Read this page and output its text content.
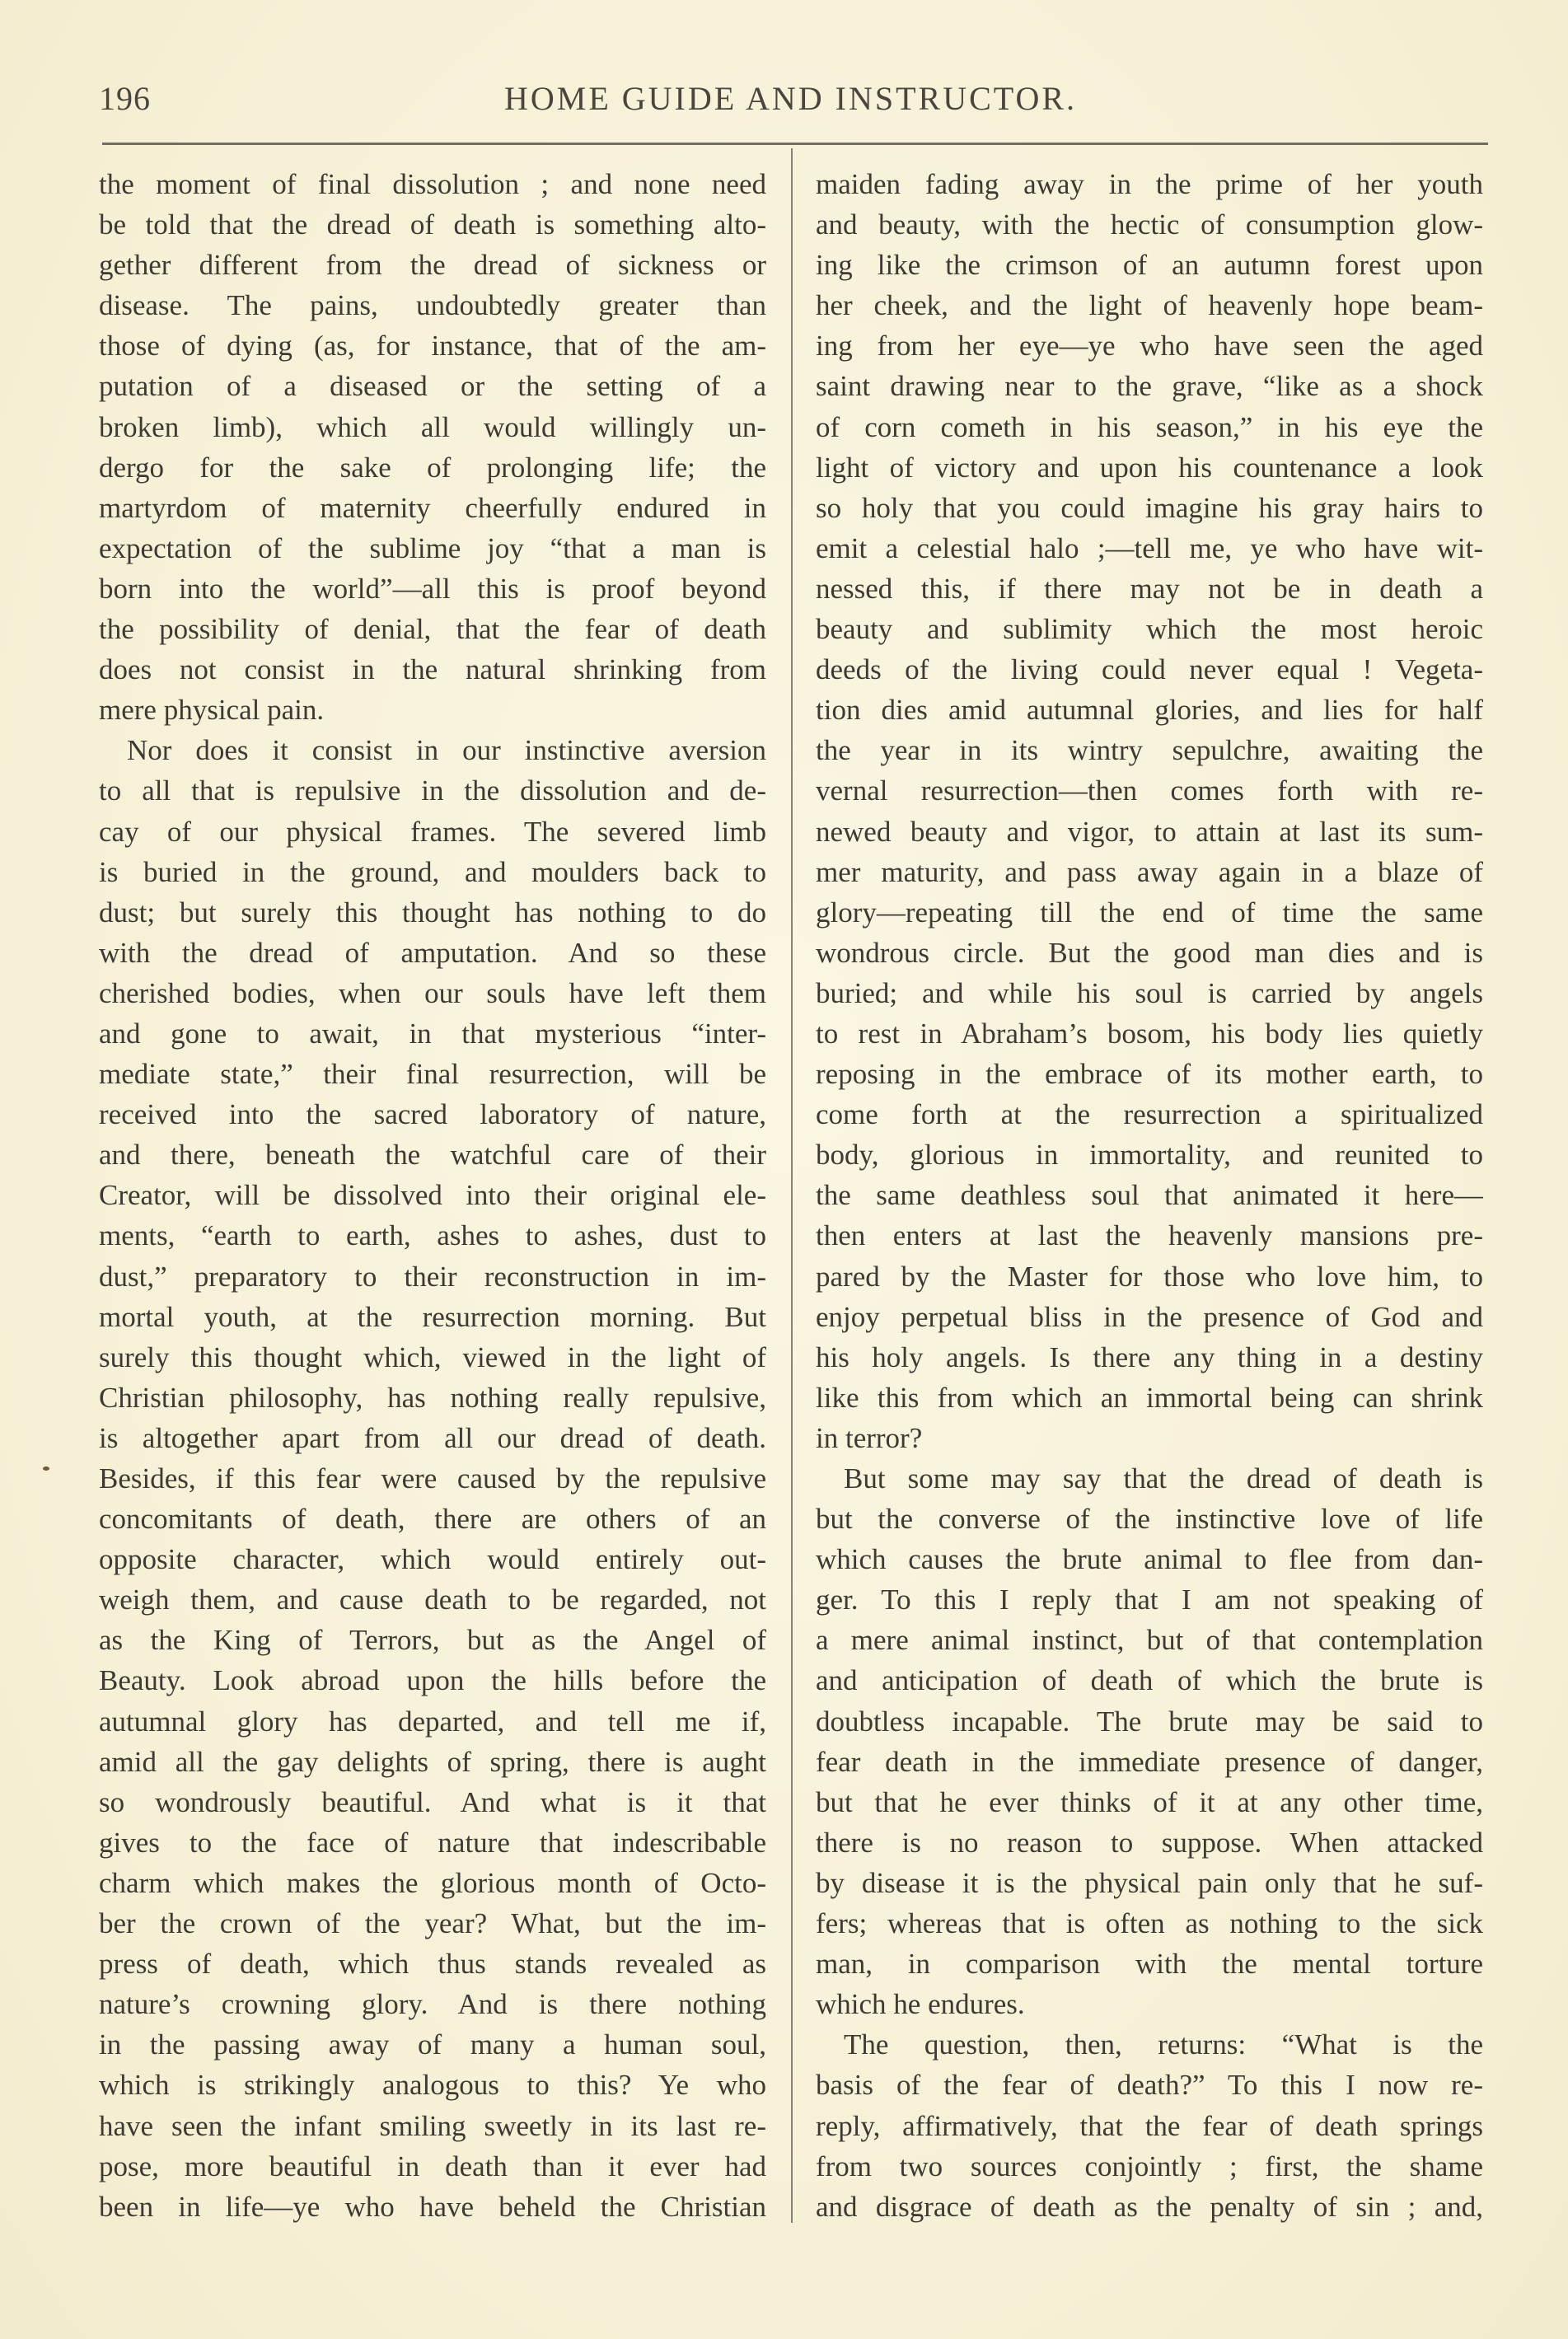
196	HOME GUIDE AND INSTRUCTOR.
the moment of final dissolution ; and none need
be told that the dread of death is something alto-
gether different from the dread of sickness or
disease. The pains, undoubtedly greater than
those of dying (as, for instance, that of the am-
putation of a diseased or the setting of a
broken limb), which all would willingly un-
dergo for the sake of prolonging life; the
martyrdom of maternity cheerfully endured in
expectation of the sublime joy “that a man is
born into the world”—all this is proof beyond
the possibility of denial, that the fear of death
does not consist in the natural shrinking from
mere physical pain.
Nor does it consist in our instinctive aversion
to all that is repulsive in the dissolution and de-
cay of our physical frames. The severed limb
is buried in the ground, and moulders back to
dust; but surely this thought has nothing to do
with the dread of amputation. And so these
cherished bodies, when our souls have left them
and gone to await, in that mysterious “inter-
mediate state,” their final resurrection, will be
received into the sacred laboratory of nature,
and there, beneath the watchful care of their
Creator, will be dissolved into their original ele-
ments, “earth to earth, ashes to ashes, dust to
dust,” preparatory to their reconstruction in im-
mortal youth, at the resurrection morning. But
surely this thought which, viewed in the light of
Christian philosophy, has nothing really repulsive,
is altogether apart from all our dread of death.
Besides, if this fear were caused by the repulsive
concomitants of death, there are others of an
opposite character, which would entirely out-
weigh them, and cause death to be regarded, not
as the King of Terrors, but as the Angel of
Beauty. Look abroad upon the hills before the
autumnal glory has departed, and tell me if,
amid all the gay delights of spring, there is aught
so wondrously beautiful. And what is it that
gives to the face of nature that indescribable
charm which makes the glorious month of Octo-
ber the crown of the year? What, but the im-
press of death, which thus stands revealed as
nature’s crowning glory. And is there nothing
in the passing away of many a human soul,
which is strikingly analogous to this? Ye who
have seen the infant smiling sweetly in its last re-
pose, more beautiful in death than it ever had
been in life—ye who have beheld the Christian
maiden fading away in the prime of her youth
and beauty, with the hectic of consumption glow-
ing like the crimson of an autumn forest upon
her cheek, and the light of heavenly hope beam-
ing from her eye—ye who have seen the aged
saint drawing near to the grave, “like as a shock
of corn cometh in his season,” in his eye the
light of victory and upon his countenance a look
so holy that you could imagine his gray hairs to
emit a celestial halo ;—tell me, ye who have wit-
nessed this, if there may not be in death a
beauty and sublimity which the most heroic
deeds of the living could never equal ! Vegeta-
tion dies amid autumnal glories, and lies for half
the year in its wintry sepulchre, awaiting the
vernal resurrection—then comes forth with re-
newed beauty and vigor, to attain at last its sum-
mer maturity, and pass away again in a blaze of
glory—repeating till the end of time the same
wondrous circle. But the good man dies and is
buried; and while his soul is carried by angels
to rest in Abraham’s bosom, his body lies quietly
reposing in the embrace of its mother earth, to
come forth at the resurrection a spiritualized
body, glorious in immortality, and reunited to
the same deathless soul that animated it here—
then enters at last the heavenly mansions pre-
pared by the Master for those who love him, to
enjoy perpetual bliss in the presence of God and
his holy angels. Is there any thing in a destiny
like this from which an immortal being can shrink
in terror?
But some may say that the dread of death is
but the converse of the instinctive love of life
which causes the brute animal to flee from dan-
ger. To this I reply that I am not speaking of
a mere animal instinct, but of that contemplation
and anticipation of death of which the brute is
doubtless incapable. The brute may be said to
fear death in the immediate presence of danger,
but that he ever thinks of it at any other time,
there is no reason to suppose. When attacked
by disease it is the physical pain only that he suf-
fers; whereas that is often as nothing to the sick
man, in comparison with the mental torture
which he endures.
The question, then, returns: “What is the
basis of the fear of death?” To this I now re-
reply, affirmatively, that the fear of death springs
from two sources conjointly ; first, the shame
and disgrace of death as the penalty of sin ; and,
